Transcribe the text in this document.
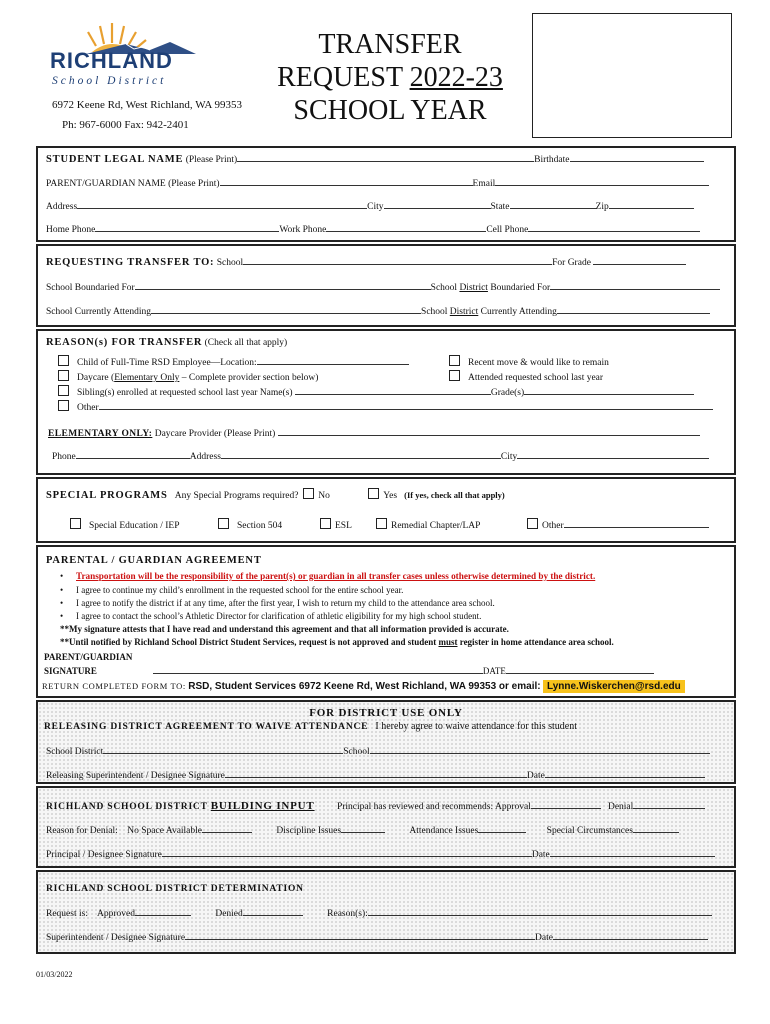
RICHLAND
School District
6972 Keene Rd, West Richland, WA 99353
Ph: 967-6000 Fax: 942-2401
TRANSFER
REQUEST 2022-23
SCHOOL YEAR
STUDENT LEGAL NAME (Please Print)	Birthdate
PARENT/GUARDIAN NAME (Please Print)	Email
Address	City	State	Zip
Home Phone	Work Phone	Cell Phone
REQUESTING TRANSFER TO: School	For Grade
School Boundaried For	School District Boundaried For
School Currently Attending	School District Currently Attending
REASON(s) FOR TRANSFER (Check all that apply)
Child of Full-Time RSD Employee—Location:
Daycare (Elementary Only – Complete provider section below)
Sibling(s) enrolled at requested school last year Name(s)	Grade(s)
Other
Recent move & would like to remain
Attended requested school last year
ELEMENTARY ONLY: Daycare Provider (Please Print)
Phone	Address	City
SPECIAL PROGRAMS Any Special Programs required? No	Yes (If yes, check all that apply)
Special Education / IEP	Section 504	ESL	Remedial Chapter/LAP	Other
PARENTAL / GUARDIAN AGREEMENT
• Transportation will be the responsibility of the parent(s) or guardian in all transfer cases unless otherwise determined by the district.
• I agree to continue my child’s enrollment in the requested school for the entire school year.
• I agree to notify the district if at any time, after the first year, I wish to return my child to the attendance area school.
• I agree to contact the school’s Athletic Director for clarification of athletic eligibility for my high school student.
**My signature attests that I have read and understand this agreement and that all information provided is accurate.
**Until notified by Richland School District Student Services, request is not approved and student must register in home attendance area school.
PARENT/GUARDIAN
SIGNATURE	DATE
RETURN COMPLETED FORM TO: RSD, Student Services 6972 Keene Rd, West Richland, WA 99353 or email: Lynne.Wiskerchen@rsd.edu
FOR DISTRICT USE ONLY
RELEASING DISTRICT AGREEMENT TO WAIVE ATTENDANCE I hereby agree to waive attendance for this student
School District	School
Releasing Superintendent / Designee Signature	Date
RICHLAND SCHOOL DISTRICT BUILDING INPUT Principal has reviewed and recommends: Approval	Denial
Reason for Denial: No Space Available	Discipline Issues	Attendance Issues	Special Circumstances
Principal / Designee Signature	Date
RICHLAND SCHOOL DISTRICT DETERMINATION
Request is: Approved	Denied	Reason(s):
Superintendent / Designee Signature	Date
01/03/2022
